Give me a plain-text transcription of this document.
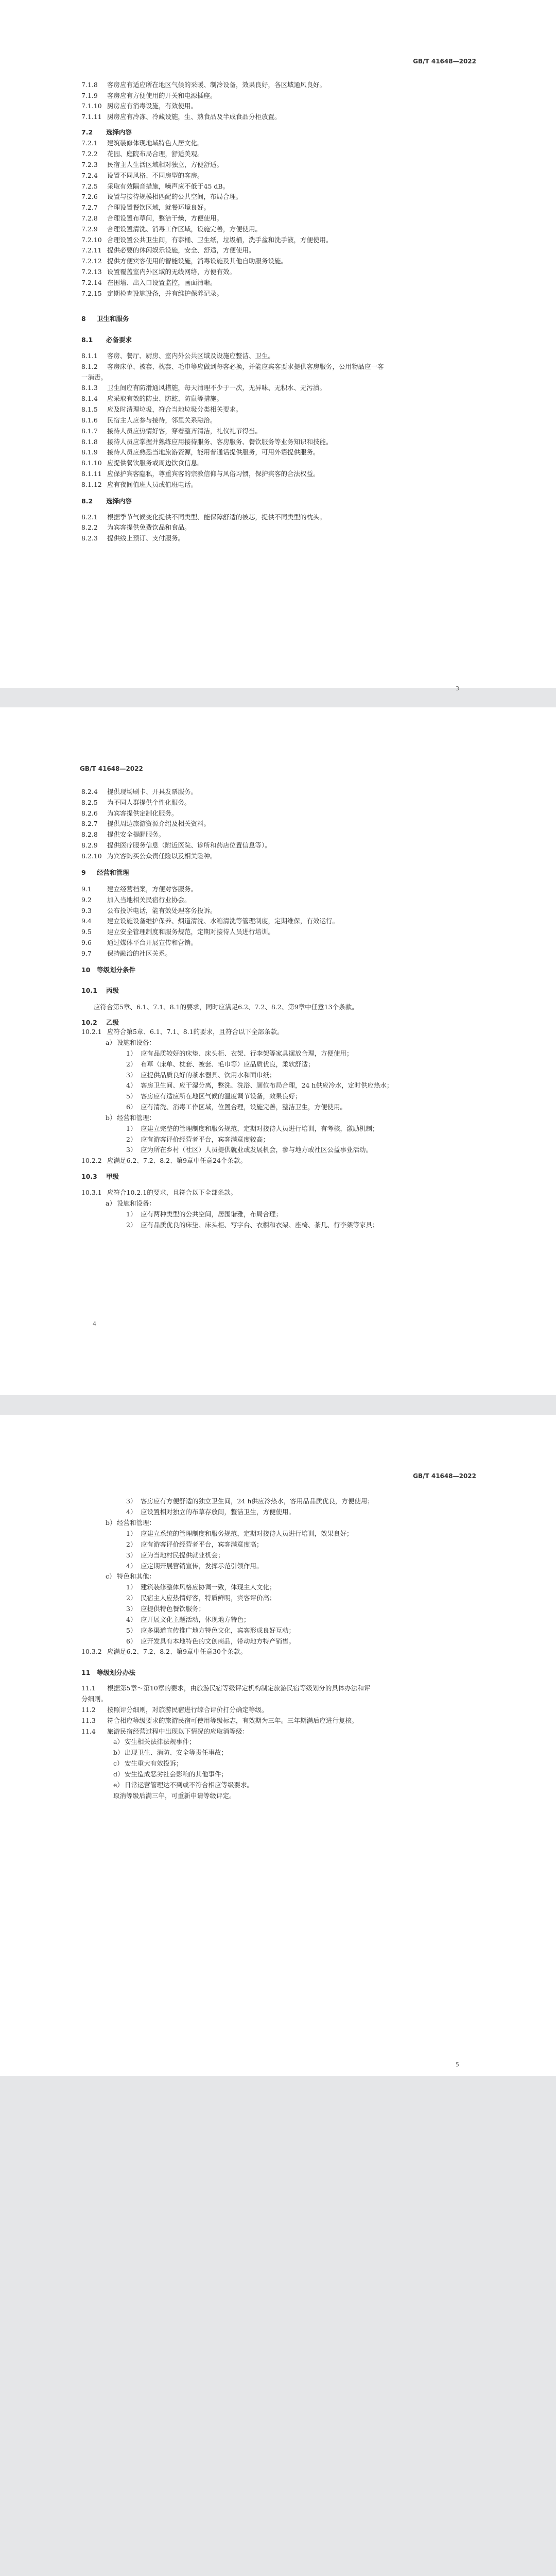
GB/T 41648—2022
7.1.8 客房应有适应所在地区气候的采暖、制冷设备，效果良好，各区域通风良好。
7.1.9 客房应有方便使用的开关和电源插座。
7.1.10 厨房应有消毒设施，有效使用。
7.1.11 厨房应有冷冻、冷藏设施，生、熟食品及半成食品分柜放置。
7.2 选择内容
7.2.1 建筑装修体现地域特色人居文化。
7.2.2 花园、庭院布局合理，舒适美观。
7.2.3 民宿主人生活区域相对独立，方便舒适。
7.2.4 设置不同风格、不同房型的客房。
7.2.5 采取有效隔音措施，噪声应不低于45 dB。
7.2.6 设置与接待规模相匹配的公共空间，布局合理。
7.2.7 合理设置餐饮区域，就餐环境良好。
7.2.8 合理设置布草间，整洁干燥，方便使用。
7.2.9 合理设置清洗、消毒工作区域，设施完善，方便使用。
7.2.10 合理设置公共卫生间，有恭桶、卫生纸，垃圾桶，洗手盆和洗手液，方便使用。
7.2.11 提供必要的休闲娱乐设施，安全、舒适，方便使用。
7.2.12 提供方便宾客使用的智能设施，消毒设施及其他自助服务设施。
7.2.13 设置覆盖室内外区域的无线网络，方便有效。
7.2.14 在围墙、出入口设置监控，画面清晰。
7.2.15 定期检查设施设备，并有维护保养记录。
8 卫生和服务
8.1 必备要求
8.1.1 客房、餐厅、厨房、室内外公共区域及设施应整洁、卫生。
8.1.2 客房床单、被套、枕套、毛巾等应做到每客必换，并能应宾客要求提供客房服务，公用物品应一客
一消毒。
8.1.3 卫生间应有防滑通风措施，每天清理不少于一次，无异味、无积水、无污渍。
8.1.4 应采取有效的防虫、防蛇、防鼠等措施。
8.1.5 应及时清理垃圾，符合当地垃圾分类相关要求。
8.1.6 民宿主人应参与接待，邻里关系融洽。
8.1.7 接待人员应热情好客，穿着整齐清洁，礼仪礼节得当。
8.1.8 接待人员应掌握并熟练应用接待服务、客房服务、餐饮服务等业务知识和技能。
8.1.9 接待人员应熟悉当地旅游资源，能用普通话提供服务，可用外语提供服务。
8.1.10 应提供餐饮服务或周边饮食信息。
8.1.11 应保护宾客隐私，尊重宾客的宗教信仰与风俗习惯，保护宾客的合法权益。
8.1.12 应有夜间值班人员或值班电话。
8.2 选择内容
8.2.1 根据季节气候变化提供不同类型、能保障舒适的被芯，提供不同类型的枕头。
8.2.2 为宾客提供免费饮品和食品。
8.2.3 提供线上预订、支付服务。
3
GB/T 41648—2022
8.2.4 提供现场刷卡、开具发票服务。
8.2.5 为不同人群提供个性化服务。
8.2.6 为宾客提供定制化服务。
8.2.7 提供周边旅游资源介绍及相关资料。
8.2.8 提供安全提醒服务。
8.2.9 提供医疗服务信息（附近医院、诊所和药店位置信息等）。
8.2.10 为宾客购买公众责任险以及相关险种。
9 经营和管理
9.1 建立经营档案，方便对客服务。
9.2 加入当地相关民宿行业协会。
9.3 公布投诉电话，能有效处理客务投诉。
9.4 建立设施设备维护保养、烟道清洗、水箱清洗等管理制度，定期维保，有效运行。
9.5 建立安全管理制度和服务规范，定期对接待人员进行培训。
9.6 通过媒体平台开展宣传和营销。
9.7 保持融洽的社区关系。
10 等级划分条件
10.1 丙级
应符合第5章、6.1、7.1、8.1的要求，同时应满足6.2、7.2、8.2、第9章中任意13个条款。
10.2 乙级
10.2.1 应符合第5章、6.1、7.1、8.1的要求，且符合以下全部条款。
a） 设施和设备：
1） 应有品质较好的床垫、床头柜、衣架、行李架等家具摆放合理，方便使用；
2） 布草（床单、枕套、被套、毛巾等）应品质优良，柔软舒适；
3） 应提供品质良好的茶水器具、饮用水和面巾纸；
4） 客房卫生间、应干湿分离，整洗、洗浴、厕位布局合理，24 h供应冷水，定时供应热水；
5） 客房应有适应所在地区气候的温度调节设备，效果良好；
6） 应有清洗、消毒工作区域，位置合理，设施完善，整洁卫生，方便使用。
b）经营和管理：
1） 应建立完整的管理制度和服务规范，定期对接待人员进行培训，有考核，激励机制；
2） 应有游客评价经营者平台，宾客满意度较高；
3） 应为所在乡村（社区）人员提供就业或发展机会，参与地方或社区公益事业活动。
10.2.2 应满足6.2、7.2、8.2、第9章中任意24个条款。
10.3 甲级
10.3.1 应符合10.2.1的要求，且符合以下全部条款。
a） 设施和设备：
1） 应有两种类型的公共空间，居围谐雅，布局合理；
2） 应有品质优良的床垫、床头柜、写字台、衣橱和衣架、座椅、茶几、行李架等家具；
4
GB/T 41648—2022
3） 客房应有方便舒适的独立卫生间，24 h供应冷热水，客用品品质优良，方便使用；
4） 应设置相对独立的布草存放间，整洁卫生，方便使用。
b）经营和管理：
1） 应建立系统的管理制度和服务规范，定期对接待人员进行培训，效果良好；
2） 应有游客评价经营者平台，宾客满意度高；
3） 应为当地村民提供就业机会；
4） 应定期开展营销宣传，发挥示范引领作用。
c） 特色和其他：
1） 建筑装修整体风格应协调一致，体现主人文化；
2） 民宿主人应热情好客，特质鲜明，宾客评价高；
3） 应提供特色餐饮服务；
4） 应开展文化主题活动，体现地方特色；
5） 应多渠道宣传推广地方特色文化，宾客形成良好互动；
6） 应开发具有本地特色的文创商品，带动地方特产销售。
10.3.2 应满足6.2、7.2、8.2、第9章中任意30个条款。
11 等级划分办法
11.1 根据第5章～第10章的要求，由旅游民宿等级评定机构制定旅游民宿等级划分的具体办法和评
分细则。
11.2 按照评分细则，对旅游民宿进行综合评价打分确定等级。
11.3 符合相应等级要求的旅游民宿可使用等级标志，有效期为三年。三年期满后应进行复核。
11.4 旅游民宿经营过程中出现以下情况的应取消等级：
a） 安生相关法律法规事件；
b）出现卫生、消防、安全等责任事故；
c） 安生重大有效投诉；
d）安生造成恶劣社会影响的其他事件；
e） 日常运营管理达不到或不符合相应等级要求。
取消等级后满三年，可重新申请等级评定。
5
